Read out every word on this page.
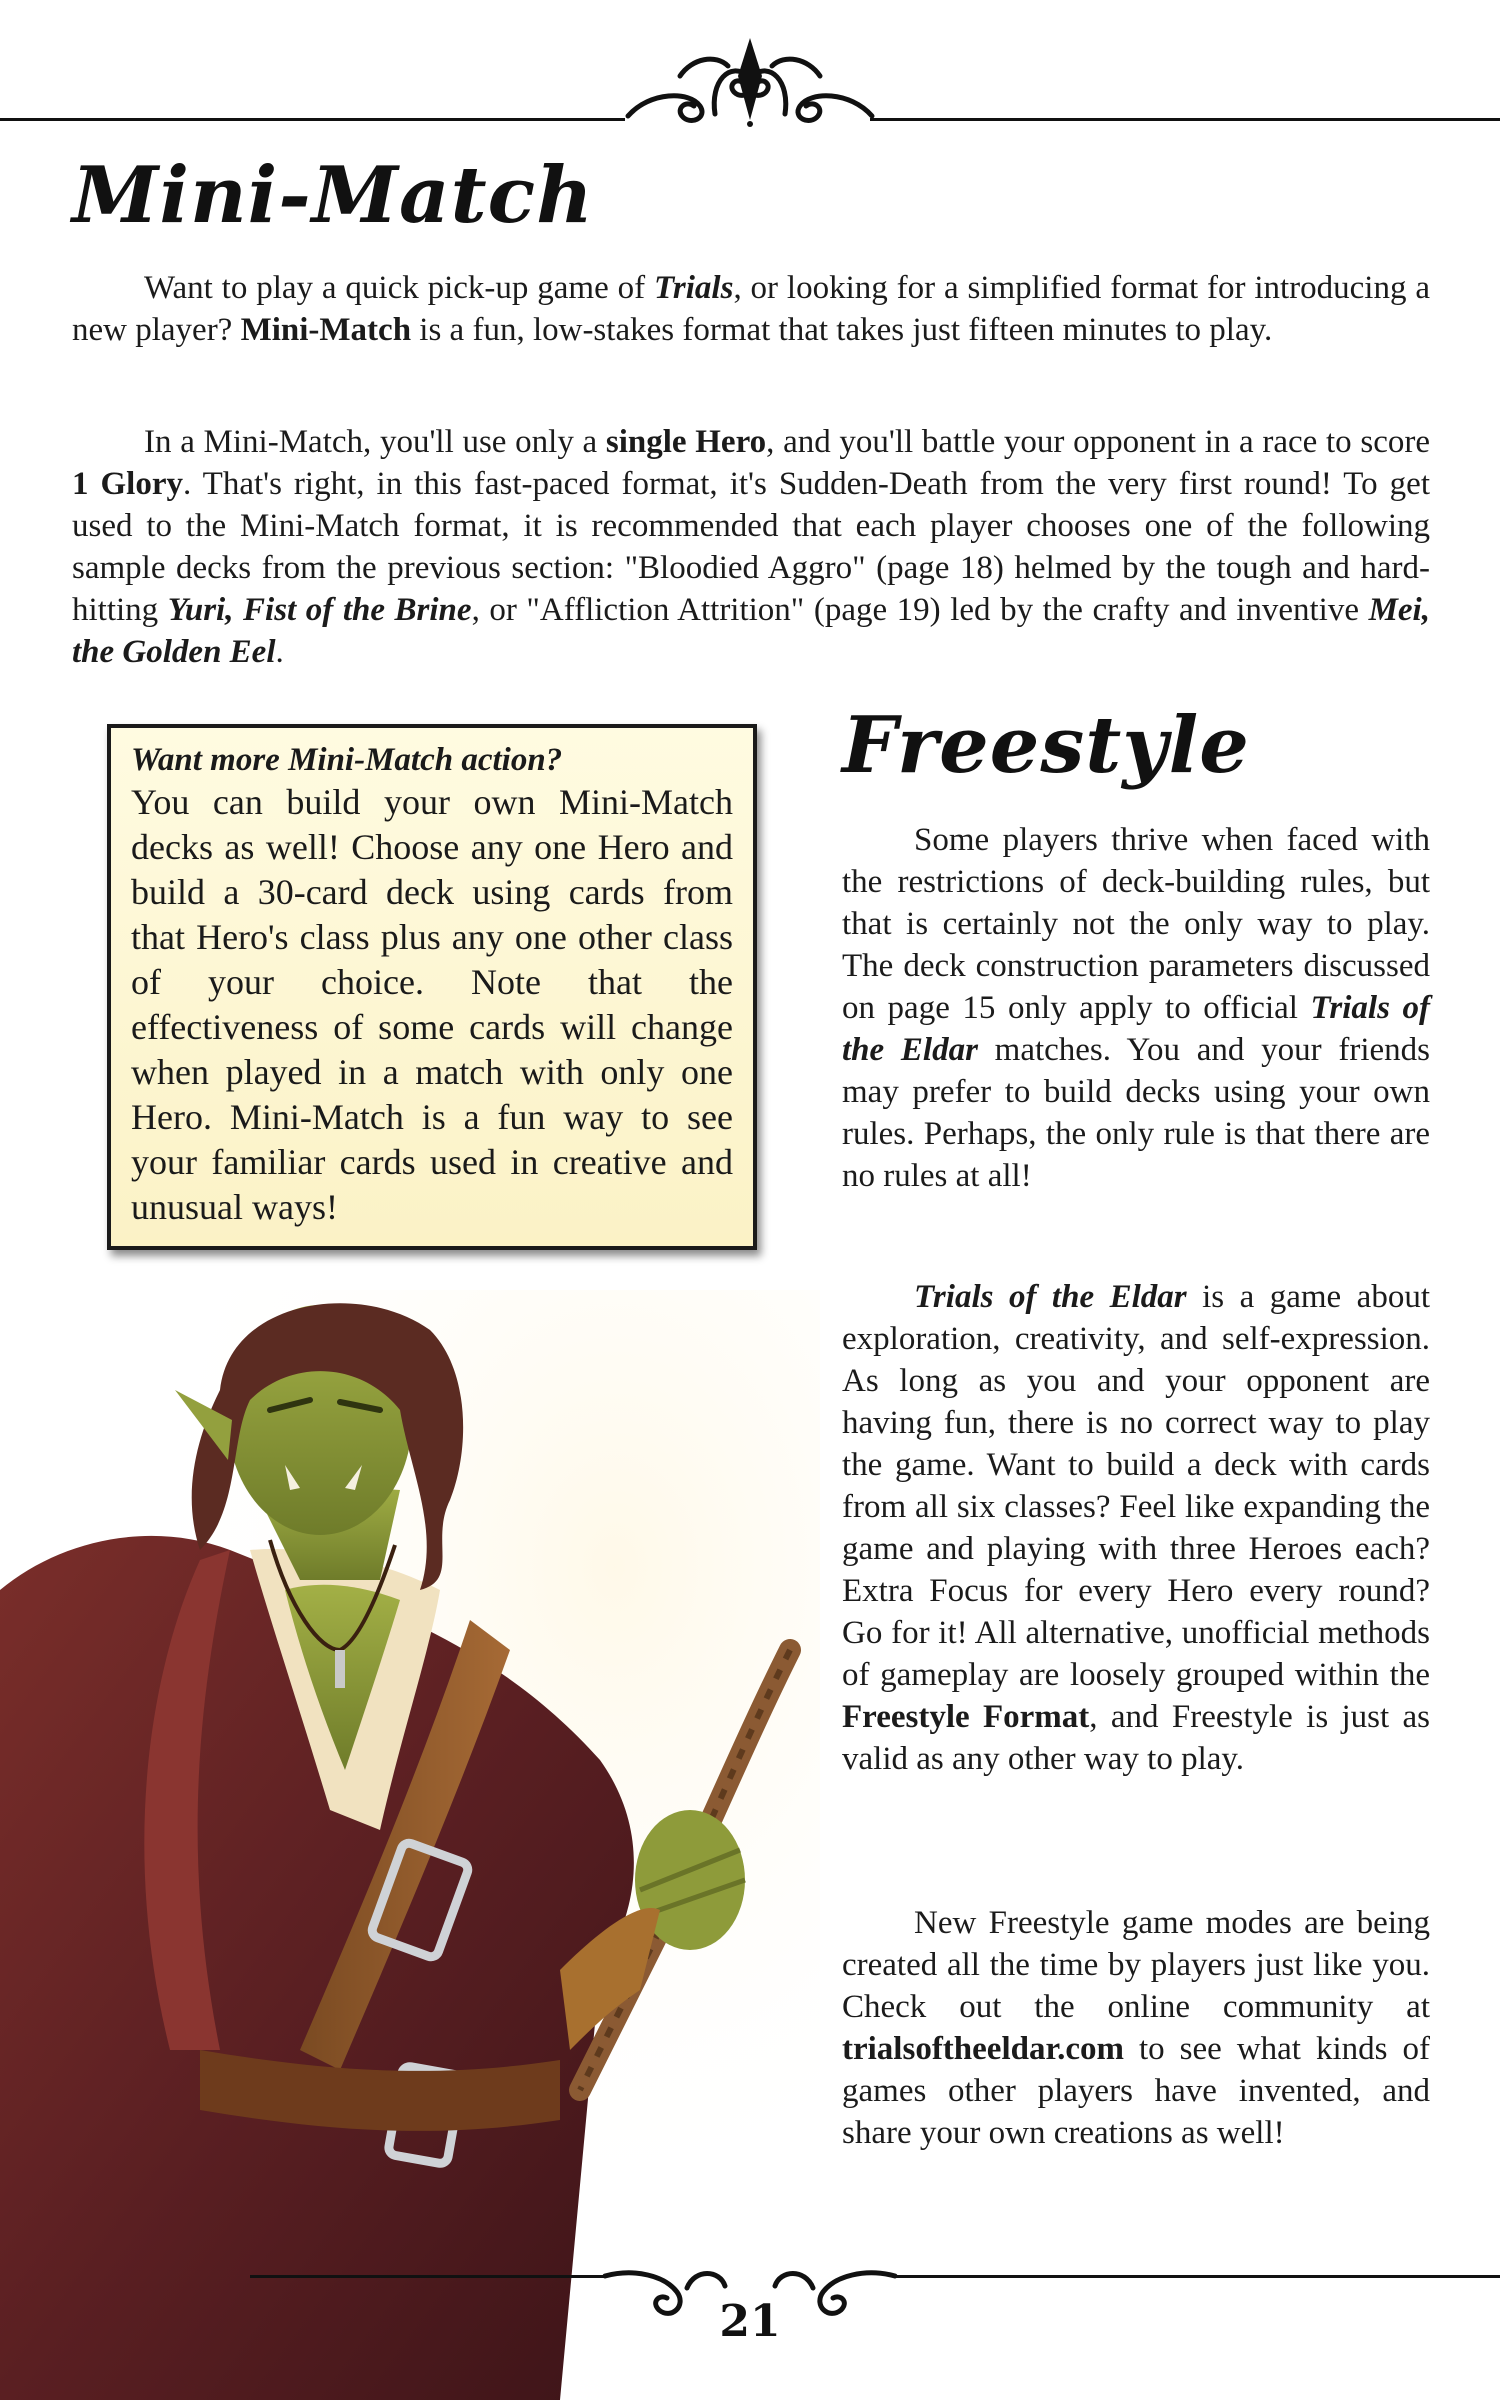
Mini-Match

Want to play a quick pick-up game of Trials, or looking for a simplified format for introducing a new player? Mini-Match is a fun, low-stakes format that takes just fifteen minutes to play.

In a Mini-Match, you'll use only a single Hero, and you'll battle your opponent in a race to score 1 Glory. That's right, in this fast-paced format, it's Sudden-Death from the very first round! To get used to the Mini-Match format, it is recommended that each player chooses one of the following sample decks from the previous section: "Bloodied Aggro" (page 18) helmed by the tough and hard-hitting Yuri, Fist of the Brine, or "Affliction Attrition" (page 19) led by the crafty and inventive Mei, the Golden Eel.

Want more Mini-Match action?

You can build your own Mini-Match decks as well! Choose any one Hero and build a 30-card deck using cards from that Hero's class plus any one other class of your choice. Note that the effectiveness of some cards will change when played in a match with only one Hero. Mini-Match is a fun way to see your familiar cards used in creative and unusual ways!

Freestyle

Some players thrive when faced with the restrictions of deck-building rules, but that is certainly not the only way to play. The deck construction parameters discussed on page 15 only apply to official Trials of the Eldar matches. You and your friends may prefer to build decks using your own rules. Perhaps, the only rule is that there are no rules at all!

Trials of the Eldar is a game about exploration, creativity, and self-expression. As long as you and your opponent are having fun, there is no correct way to play the game. Want to build a deck with cards from all six classes? Feel like expanding the game and playing with three Heroes each? Extra Focus for every Hero every round? Go for it! All alternative, unofficial methods of gameplay are loosely grouped within the Freestyle Format, and Freestyle is just as valid as any other way to play.

New Freestyle game modes are being created all the time by players just like you. Check out the online community at trialsoftheeldar.com to see what kinds of games other players have invented, and share your own creations as well!

21
